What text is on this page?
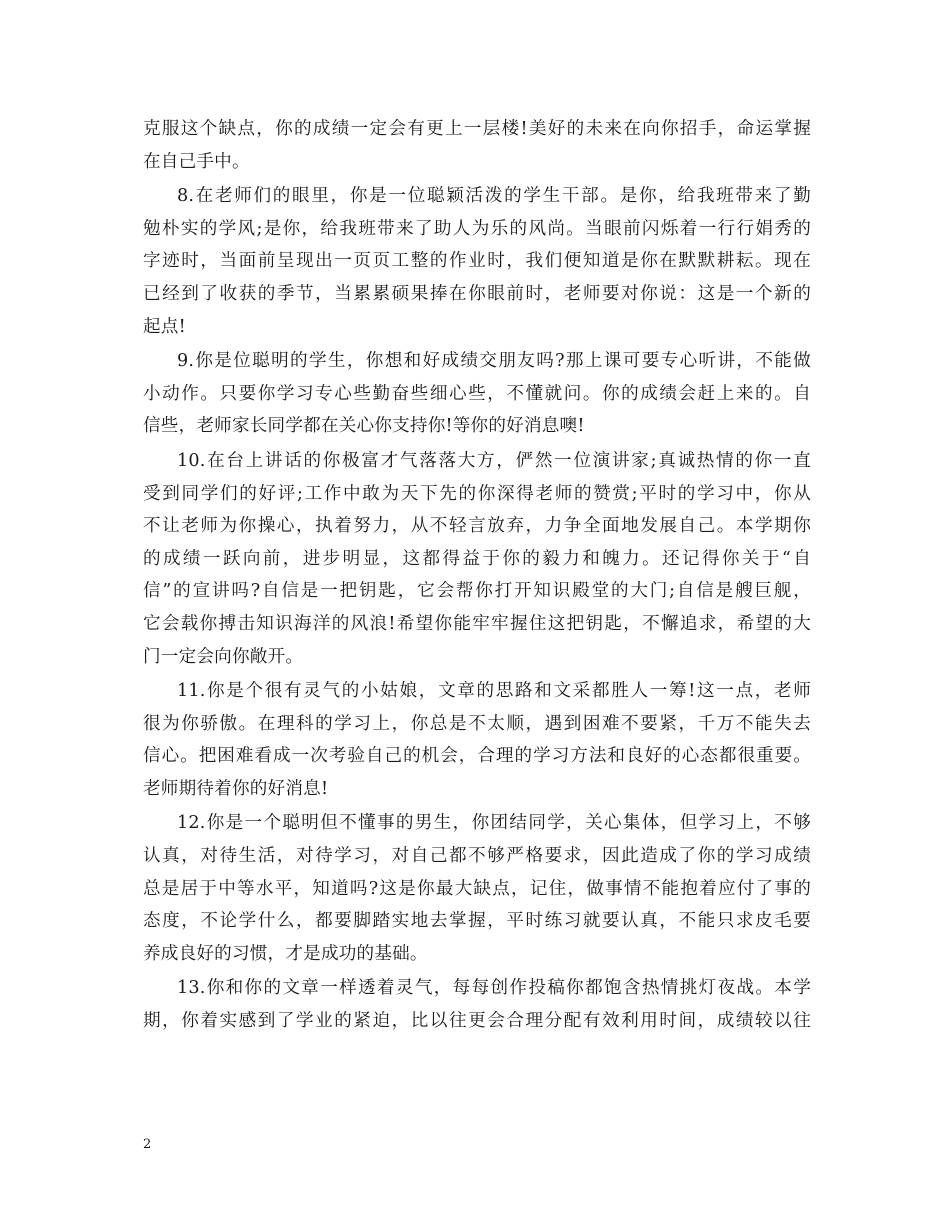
克服这个缺点，你的成绩一定会有更上一层楼!美好的未来在向你招手，命运掌握
在自己手中。
8.在老师们的眼里，你是一位聪颖活泼的学生干部。是你，给我班带来了勤
勉朴实的学风;是你，给我班带来了助人为乐的风尚。当眼前闪烁着一行行娟秀的
字迹时，当面前呈现出一页页工整的作业时，我们便知道是你在默默耕耘。现在
已经到了收获的季节，当累累硕果捧在你眼前时，老师要对你说：这是一个新的
起点!
9.你是位聪明的学生，你想和好成绩交朋友吗?那上课可要专心听讲，不能做
小动作。只要你学习专心些勤奋些细心些，不懂就问。你的成绩会赶上来的。自
信些，老师家长同学都在关心你支持你!等你的好消息噢!
10.在台上讲话的你极富才气落落大方，俨然一位演讲家;真诚热情的你一直
受到同学们的好评;工作中敢为天下先的你深得老师的赞赏;平时的学习中，你从
不让老师为你操心，执着努力，从不轻言放弃，力争全面地发展自己。本学期你
的成绩一跃向前，进步明显，这都得益于你的毅力和魄力。还记得你关于“自
信”的宣讲吗?自信是一把钥匙，它会帮你打开知识殿堂的大门;自信是艘巨舰，
它会载你搏击知识海洋的风浪!希望你能牢牢握住这把钥匙，不懈追求，希望的大
门一定会向你敞开。
11.你是个很有灵气的小姑娘，文章的思路和文采都胜人一筹!这一点，老师
很为你骄傲。在理科的学习上，你总是不太顺，遇到困难不要紧，千万不能失去
信心。把困难看成一次考验自己的机会，合理的学习方法和良好的心态都很重要。
老师期待着你的好消息!
12.你是一个聪明但不懂事的男生，你团结同学，关心集体，但学习上，不够
认真，对待生活，对待学习，对自己都不够严格要求，因此造成了你的学习成绩
总是居于中等水平，知道吗?这是你最大缺点，记住，做事情不能抱着应付了事的
态度，不论学什么，都要脚踏实地去掌握，平时练习就要认真，不能只求皮毛要
养成良好的习惯，才是成功的基础。
13.你和你的文章一样透着灵气，每每创作投稿你都饱含热情挑灯夜战。本学
期，你着实感到了学业的紧迫，比以往更会合理分配有效利用时间，成绩较以往
2
